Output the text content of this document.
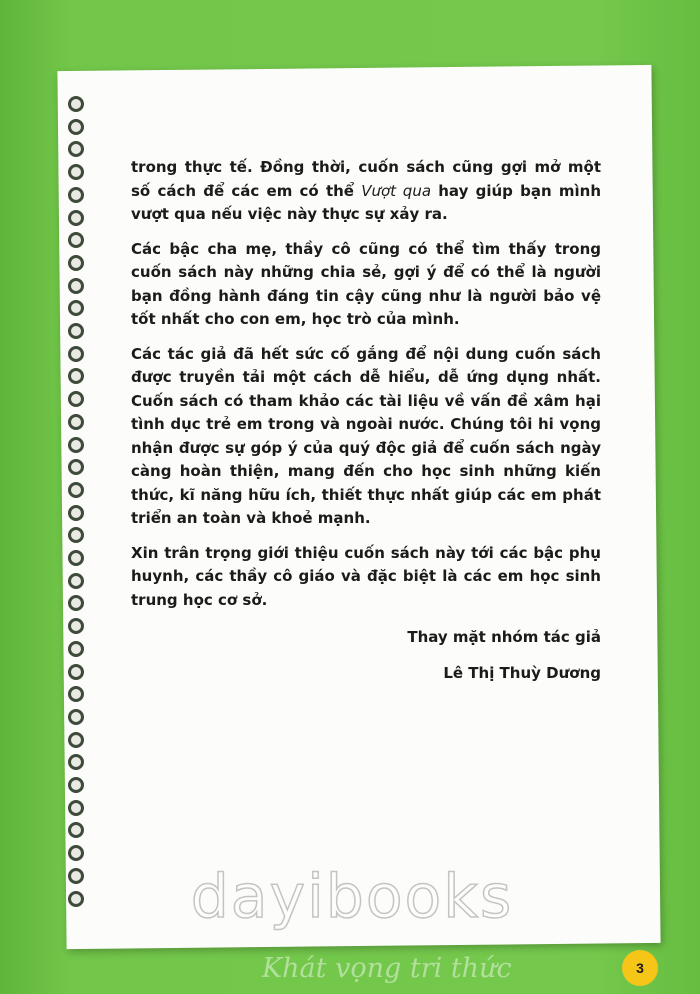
trong thực tế. Đồng thời, cuốn sách cũng gợi mở một số cách để các em có thể Vượt qua hay giúp bạn mình vượt qua nếu việc này thực sự xảy ra.

Các bậc cha mẹ, thầy cô cũng có thể tìm thấy trong cuốn sách này những chia sẻ, gợi ý để có thể là người bạn đồng hành đáng tin cậy cũng như là người bảo vệ tốt nhất cho con em, học trò của mình.

Các tác giả đã hết sức cố gắng để nội dung cuốn sách được truyền tải một cách dễ hiểu, dễ ứng dụng nhất. Cuốn sách có tham khảo các tài liệu về vấn đề xâm hại tình dục trẻ em trong và ngoài nước. Chúng tôi hi vọng nhận được sự góp ý của quý độc giả để cuốn sách ngày càng hoàn thiện, mang đến cho học sinh những kiến thức, kĩ năng hữu ích, thiết thực nhất giúp các em phát triển an toàn và khoẻ mạnh.

Xin trân trọng giới thiệu cuốn sách này tới các bậc phụ huynh, các thầy cô giáo và đặc biệt là các em học sinh trung học cơ sở.

Thay mặt nhóm tác giả
Lê Thị Thuỳ Dương
dayibooks
Khát vọng tri thức	3
